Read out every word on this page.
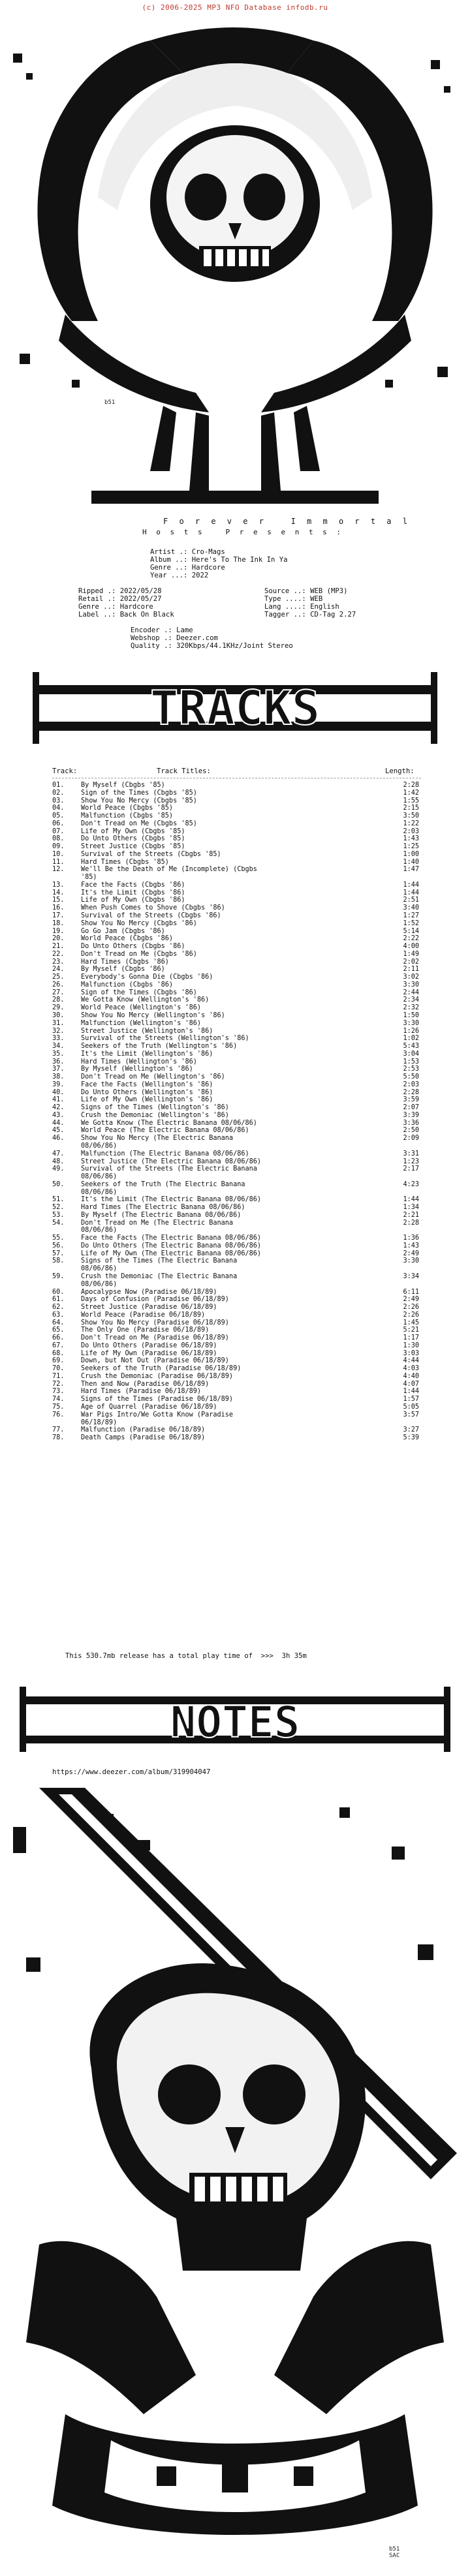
(c) 2006-2025 MP3 NFO Database infodb.ru
b51
F o r e v e r   I m m o r t a l
H o s t s   P r e s e n t s :
Artist .: Cro-Mags
Album ..: Here's To The Ink In Ya
Genre ..: Hardcore
Year ...: 2022
Ripped .: 2022/05/28
Retail .: 2022/05/27
Genre ..: Hardcore
Label ..: Back On Black
Source ..: WEB (MP3)
Type ....: WEB
Lang ....: English
Tagger ..: CD-Tag 2.27
Encoder .: Lame
Webshop .: Deezer.com
Quality .: 320Kbps/44.1KHz/Joint Stereo
TRACKS
Track:	Track Titles:	Length:
01.	By Myself (Cbgbs '85)	2:28
02.	Sign of the Times (Cbgbs '85)	1:42
03.	Show You No Mercy (Cbgbs '85)	1:55
04.	World Peace (Cbgbs '85)	2:15
05.	Malfunction (Cbgbs '85)	3:50
06.	Don't Tread on Me (Cbgbs '85)	1:22
07.	Life of My Own (Cbgbs '85)	2:03
08.	Do Unto Others (Cbgbs '85)	1:43
09.	Street Justice (Cbgbs '85)	1:25
10.	Survival of the Streets (Cbgbs '85)	1:00
11.	Hard Times (Cbgbs '85)	1:40
12.	We'll Be the Death of Me (Incomplete) (Cbgbs	1:47
'85)
13.	Face the Facts (Cbgbs '86)	1:44
14.	It's the Limit (Cbgbs '86)	1:44
15.	Life of My Own (Cbgbs '86)	2:51
16.	When Push Comes to Shove (Cbgbs '86)	3:40
17.	Survival of the Streets (Cbgbs '86)	1:27
18.	Show You No Mercy (Cbgbs '86)	1:52
19.	Go Go Jam (Cbgbs '86)	5:14
20.	World Peace (Cbgbs '86)	2:22
21.	Do Unto Others (Cbgbs '86)	4:00
22.	Don't Tread on Me (Cbgbs '86)	1:49
23.	Hard Times (Cbgbs '86)	2:02
24.	By Myself (Cbgbs '86)	2:11
25.	Everybody's Gonna Die (Cbgbs '86)	3:02
26.	Malfunction (Cbgbs '86)	3:30
27.	Sign of the Times (Cbgbs '86)	2:44
28.	We Gotta Know (Wellington's '86)	2:34
29.	World Peace (Wellington's '86)	2:32
30.	Show You No Mercy (Wellington's '86)	1:50
31.	Malfunction (Wellington's '86)	3:30
32.	Street Justice (Wellington's '86)	1:26
33.	Survival of the Streets (Wellington's '86)	1:02
34.	Seekers of the Truth (Wellington's '86)	5:43
35.	It's the Limit (Wellington's '86)	3:04
36.	Hard Times (Wellington's '86)	1:53
37.	By Myself (Wellington's '86)	2:53
38.	Don't Tread on Me (Wellington's '86)	5:50
39.	Face the Facts (Wellington's '86)	2:03
40.	Do Unto Others (Wellington's '86)	2:28
41.	Life of My Own (Wellington's '86)	3:59
42.	Signs of the Times (Wellington's '86)	2:07
43.	Crush the Demoniac (Wellington's '86)	3:39
44.	We Gotta Know (The Electric Banana 08/06/86)	3:36
45.	World Peace (The Electric Banana 08/06/86)	2:50
46.	Show You No Mercy (The Electric Banana	2:09
08/06/86)
47.	Malfunction (The Electric Banana 08/06/86)	3:31
48.	Street Justice (The Electric Banana 08/06/86)	1:23
49.	Survival of the Streets (The Electric Banana	2:17
08/06/86)
50.	Seekers of the Truth (The Electric Banana	4:23
08/06/86)
51.	It's the Limit (The Electric Banana 08/06/86)	1:44
52.	Hard Times (The Electric Banana 08/06/86)	1:34
53.	By Myself (The Electric Banana 08/06/86)	2:21
54.	Don't Tread on Me (The Electric Banana	2:28
08/06/86)
55.	Face the Facts (The Electric Banana 08/06/86)	1:36
56.	Do Unto Others (The Electric Banana 08/06/86)	1:43
57.	Life of My Own (The Electric Banana 08/06/86)	2:49
58.	Signs of the Times (The Electric Banana	3:30
08/06/86)
59.	Crush the Demoniac (The Electric Banana	3:34
08/06/86)
60.	Apocalypse Now (Paradise 06/18/89)	6:11
61.	Days of Confusion (Paradise 06/18/89)	2:49
62.	Street Justice (Paradise 06/18/89)	2:26
63.	World Peace (Paradise 06/18/89)	2:26
64.	Show You No Mercy (Paradise 06/18/89)	1:45
65.	The Only One (Paradise 06/18/89)	5:21
66.	Don't Tread on Me (Paradise 06/18/89)	1:17
67.	Do Unto Others (Paradise 06/18/89)	1:30
68.	Life of My Own (Paradise 06/18/89)	3:03
69.	Down, but Not Out (Paradise 06/18/89)	4:44
70.	Seekers of the Truth (Paradise 06/18/89)	4:03
71.	Crush the Demoniac (Paradise 06/18/89)	4:40
72.	Then and Now (Paradise 06/18/89)	4:07
73.	Hard Times (Paradise 06/18/89)	1:44
74.	Signs of the Times (Paradise 06/18/89)	1:57
75.	Age of Quarrel (Paradise 06/18/89)	5:05
76.	War Pigs Intro/We Gotta Know (Paradise	3:57
06/18/89)
77.	Malfunction (Paradise 06/18/89)	3:27
78.	Death Camps (Paradise 06/18/89)	5:39
This 530.7mb release has a total play time of  >>>  3h 35m
NOTES
https://www.deezer.com/album/319904047
b51
SAC
